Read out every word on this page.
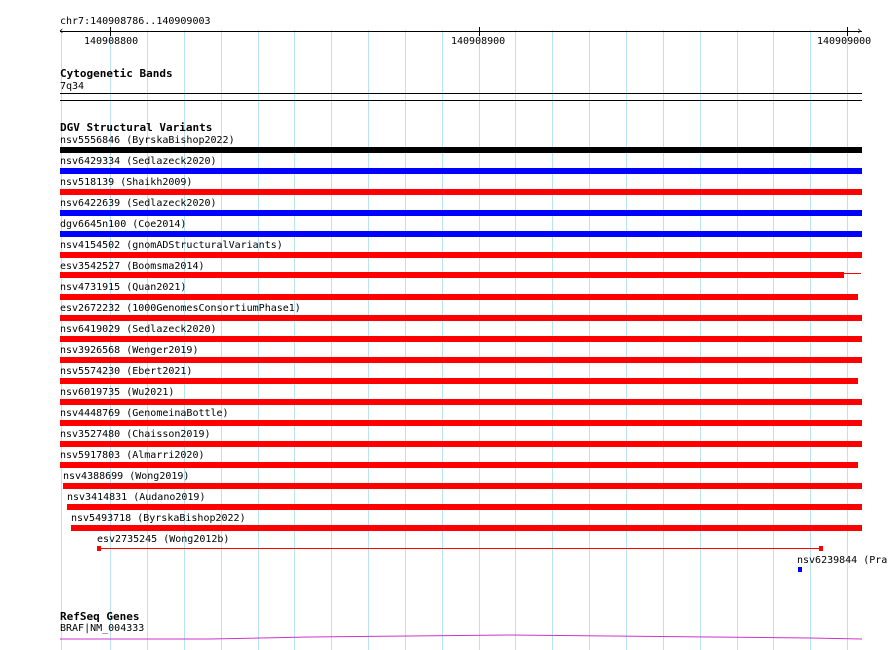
chr7:140908786..140909003
‹	›
140908800	140908900	140909000
Cytogenetic Bands
7q34
DGV Structural Variants
nsv5556846 (ByrskaBishop2022)
nsv6429334 (Sedlazeck2020)
nsv518139 (Shaikh2009)
nsv6422639 (Sedlazeck2020)
dgv6645n100 (Coe2014)
nsv4154502 (gnomADStructuralVariants)
esv3542527 (Boomsma2014)
nsv4731915 (Quan2021)
esv2672232 (1000GenomesConsortiumPhase1)
nsv6419029 (Sedlazeck2020)
nsv3926568 (Wenger2019)
nsv5574230 (Ebert2021)
nsv6019735 (Wu2021)
nsv4448769 (GenomeinaBottle)
nsv3527480 (Chaisson2019)
nsv5917803 (Almarri2020)
nsv4388699 (Wong2019)
nsv3414831 (Audano2019)
nsv5493718 (ByrskaBishop2022)
esv2735245 (Wong2012b)
nsv6239844 (Pra
RefSeq Genes
BRAF|NM_004333
